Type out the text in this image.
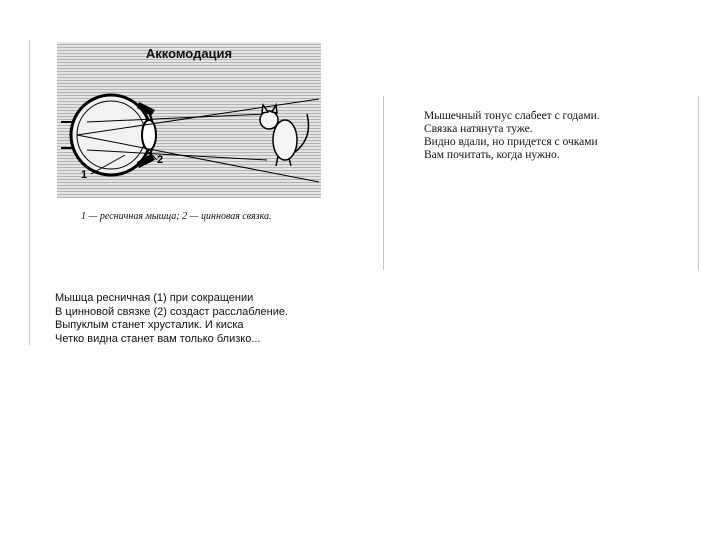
1
2
Аккомодация
1 — ресничная мышца; 2 — цинновая связка.
Мышечный тонус слабеет с годами.
Связка натянута туже.
Видно вдали, но придется с очками
Вам почитать, когда нужно.
Мышца ресничная (1) при сокращении
В цинновой связке (2) создаст расслабление.
Выпуклым станет хрусталик. И киска
Четко видна станет вам только близко...
